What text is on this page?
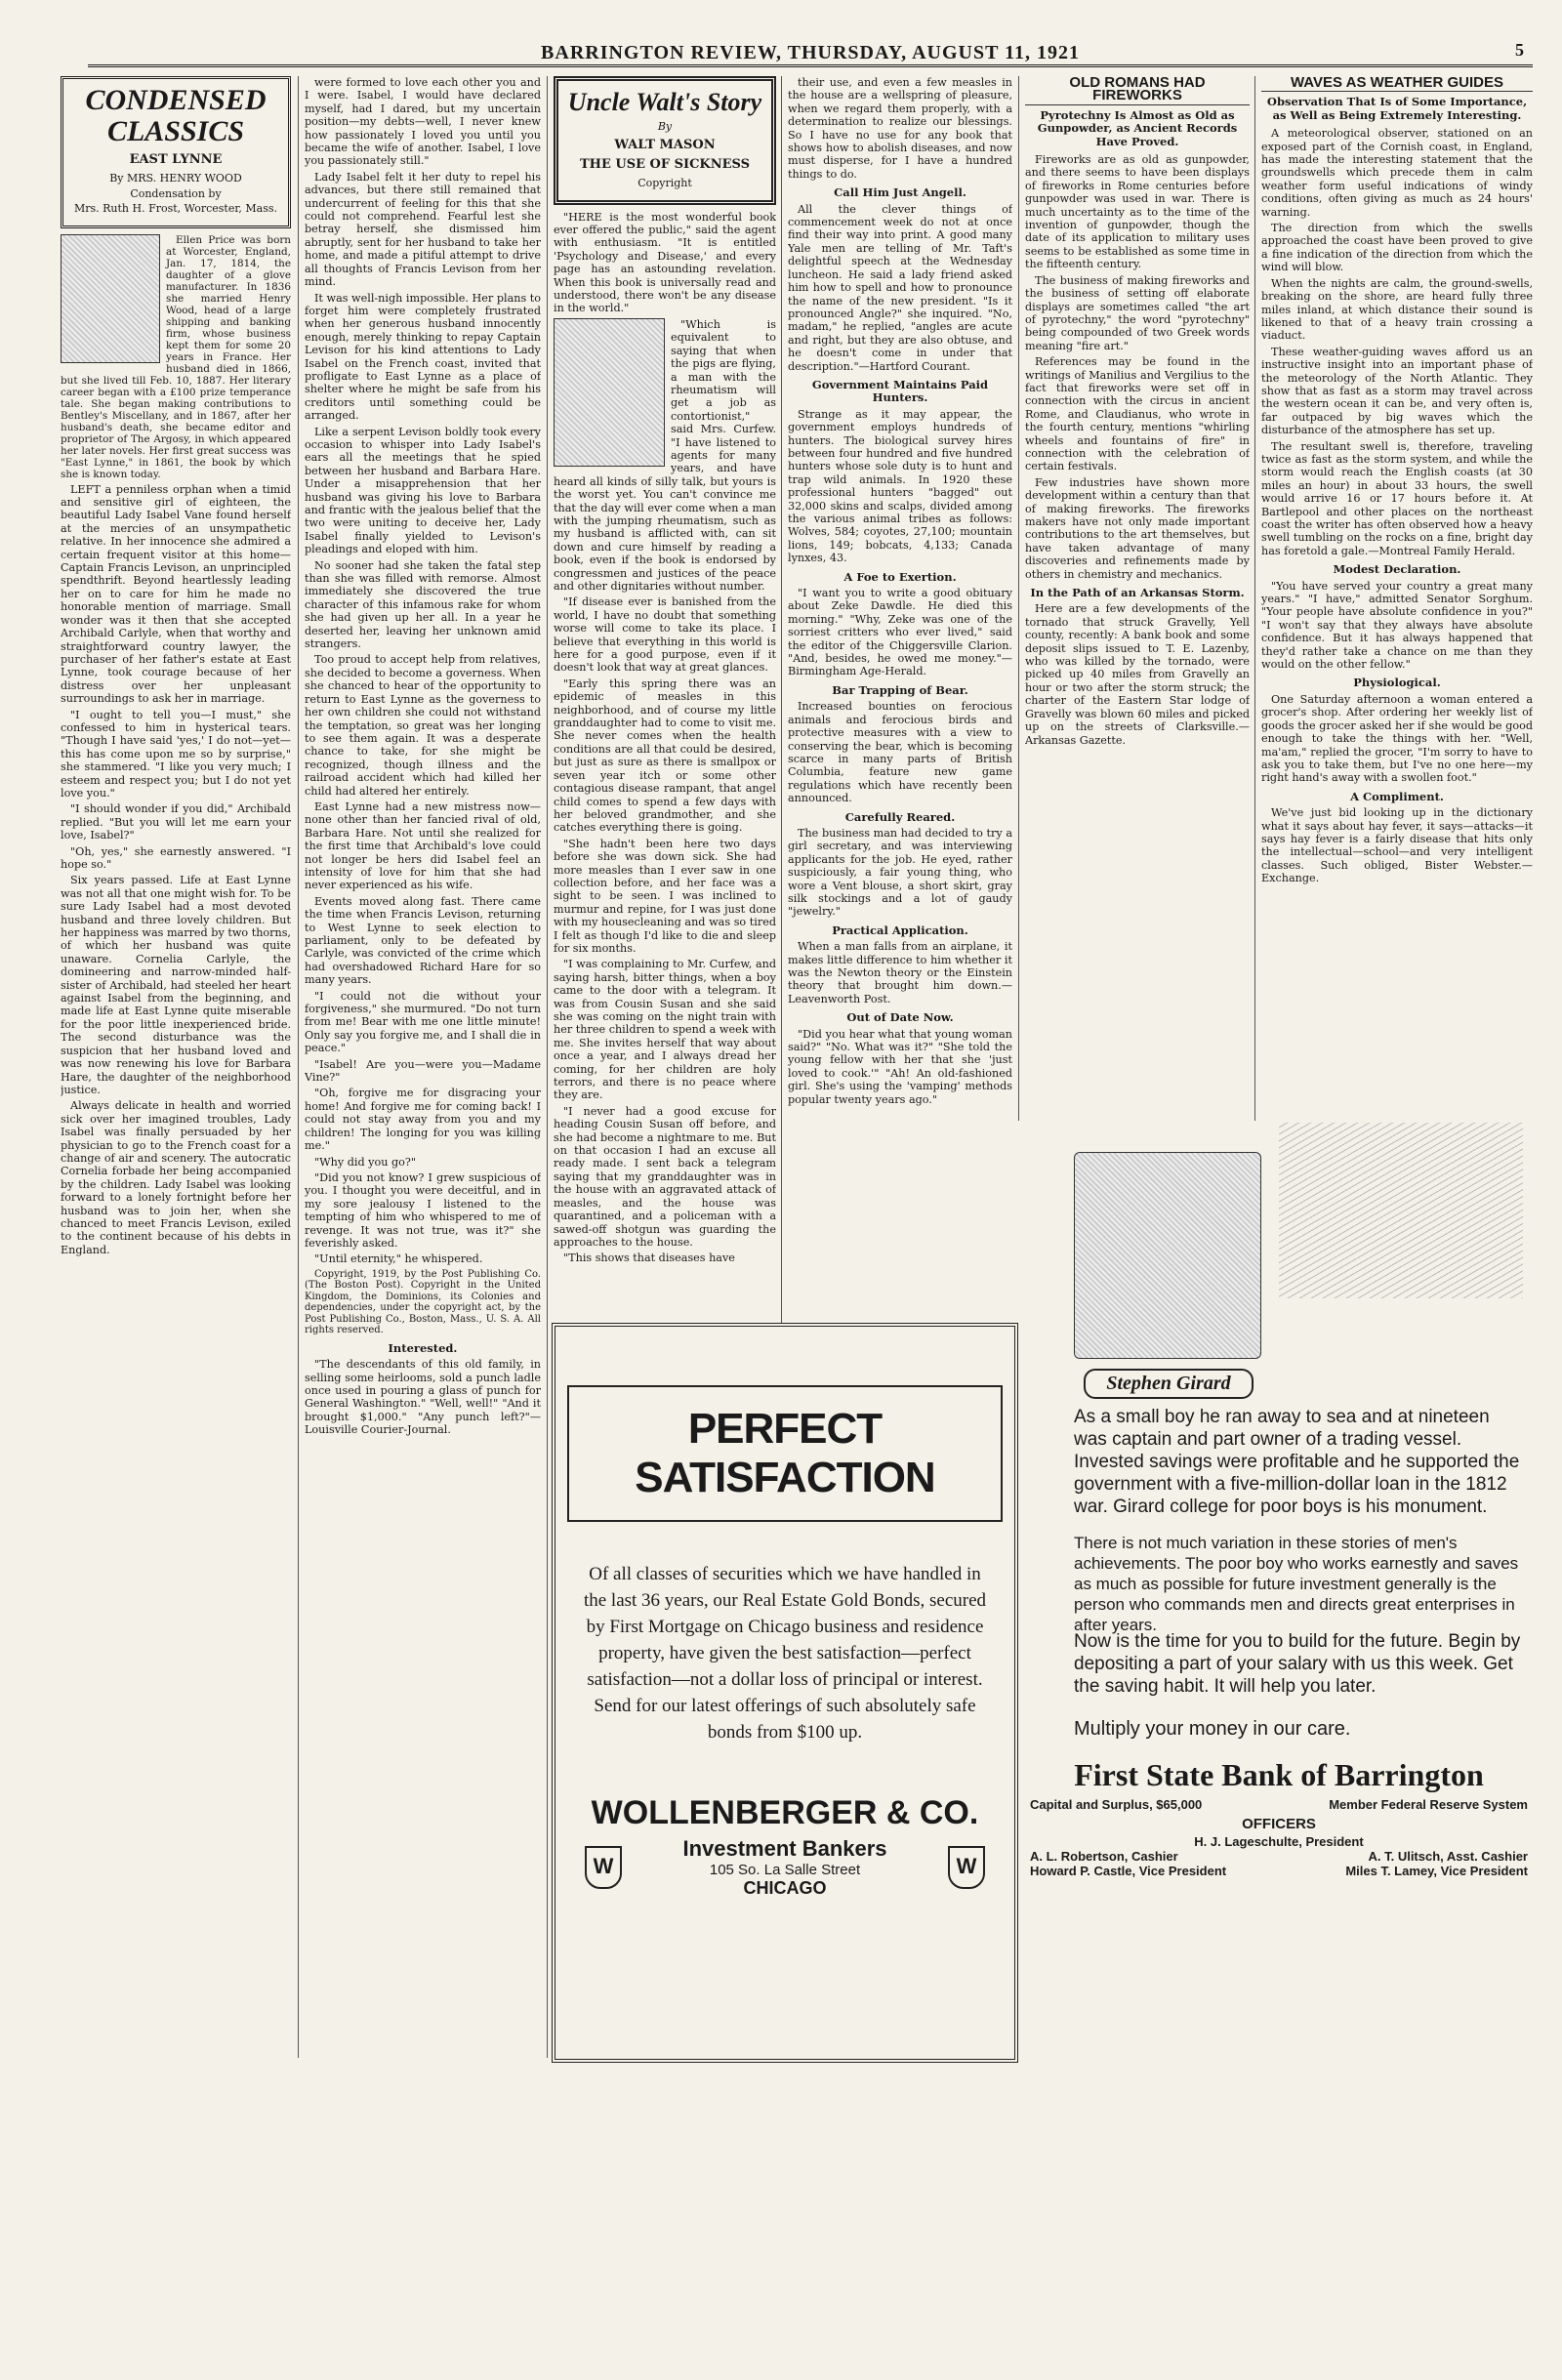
BARRINGTON REVIEW, THURSDAY, AUGUST 11, 1921	5
CONDENSED CLASSICS
EAST LYNNE
By MRS. HENRY WOOD
Condensation by
Mrs. Ruth H. Frost, Worcester, Mass.

Ellen Price was born at Worcester, England, Jan. 17, 1814, the daughter of a glove manufacturer. In 1836 she married Henry Wood, head of a large shipping and banking firm, whose business kept them for some 20 years in France. Her husband died in 1866, but she lived till Feb. 10, 1887. Her literary career began with a £100 prize temperance tale. She began making contributions to Bentley's Miscellany, and in 1867, after her husband's death, she became editor and proprietor of The Argosy, in which appeared her later novels. Her first great success was "East Lynne," in 1861, the book by which she is known today.

LEFT a penniless orphan when a timid and sensitive girl of eighteen, the beautiful Lady Isabel Vane found herself at the mercies of an unsympathetic relative. In her innocence she admired a certain frequent visitor at this home—Captain Francis Levison, an unprincipled spendthrift. Beyond heartlessly leading her on to care for him he made no honorable mention of marriage. Small wonder was it then that she accepted Archibald Carlyle, when that worthy and straightforward country lawyer, the purchaser of her father's estate at East Lynne, took courage because of her distress over her unpleasant surroundings to ask her in marriage.

"I ought to tell you—I must," she confessed to him in hysterical tears. "Though I have said 'yes,' I do not—yet—this has come upon me so by surprise," she stammered. "I like you very much; I esteem and respect you; but I do not yet love you."

"I should wonder if you did," Archibald replied. "But you will let me earn your love, Isabel?"

"Oh, yes," she earnestly answered. "I hope so."

Six years passed. Life at East Lynne was not all that one might wish for. To be sure Lady Isabel had a most devoted husband and three lovely children. But her happiness was marred by two thorns, of which her husband was quite unaware. Cornelia Carlyle, the domineering and narrow-minded half-sister of Archibald, had steeled her heart against Isabel from the beginning, and made life at East Lynne quite miserable for the poor little inexperienced bride. The second disturbance was the suspicion that her husband loved and was now renewing his love for Barbara Hare, the daughter of the neighborhood justice.

Always delicate in health and worried sick over her imagined troubles, Lady Isabel was finally persuaded by her physician to go to the French coast for a change of air and scenery. The autocratic Cornelia forbade her being accompanied by the children. Lady Isabel was looking forward to a lonely fortnight before her husband was to join her, when she chanced to meet Francis Levison, exiled to the continent because of his debts in England.

were formed to love each other you and I were. Isabel, I would have declared myself, had I dared, but my uncertain position—my debts—well, I never knew how passionately I loved you until you became the wife of another. Isabel, I love you passionately still."

Lady Isabel felt it her duty to repel his advances, but there still remained that undercurrent of feeling for this that she could not comprehend. Fearful lest she betray herself, she dismissed him abruptly, sent for her husband to take her home, and made a pitiful attempt to drive all thoughts of Francis Levison from her mind.

It was well-nigh impossible. Her plans to forget him were completely frustrated when her generous husband innocently enough, merely thinking to repay Captain Levison for his kind attentions to Lady Isabel on the French coast, invited that profligate to East Lynne as a place of shelter where he might be safe from his creditors until something could be arranged.

Like a serpent Levison boldly took every occasion to whisper into Lady Isabel's ears all the meetings that he spied between her husband and Barbara Hare. Under a misapprehension that her husband was giving his love to Barbara and frantic with the jealous belief that the two were uniting to deceive her, Lady Isabel finally yielded to Levison's pleadings and eloped with him.

No sooner had she taken the fatal step than she was filled with remorse. Almost immediately she discovered the true character of this infamous rake for whom she had given up her all. In a year he deserted her, leaving her unknown amid strangers.

Too proud to accept help from relatives, she decided to become a governess. When she chanced to hear of the opportunity to return to East Lynne as the governess to her own children she could not withstand the temptation, so great was her longing to see them again. It was a desperate chance to take, for she might be recognized, though illness and the railroad accident which had killed her child had altered her entirely.

East Lynne had a new mistress now—none other than her fancied rival of old, Barbara Hare. Not until she realized for the first time that Archibald's love could not longer be hers did Isabel feel an intensity of love for him that she had never experienced as his wife.

Events moved along fast. There came the time when Francis Levison, returning to West Lynne to seek election to parliament, only to be defeated by Carlyle, was convicted of the crime which had overshadowed Richard Hare for so many years.

"I could not die without your forgiveness," she murmured. "Do not turn from me! Bear with me one little minute! Only say you forgive me, and I shall die in peace."

"Isabel! Are you—were you—Madame Vine?"

"Oh, forgive me for disgracing your home! And forgive me for coming back! I could not stay away from you and my children! The longing for you was killing me."

"Why did you go?"

"Did you not know? I grew suspicious of you. I thought you were deceitful, and in my sore jealousy I listened to the tempting of him who whispered to me of revenge. It was not true, was it?" she feverishly asked.

"Until eternity," he whispered.

Copyright, 1919, by the Post Publishing Co. (The Boston Post). Copyright in the United Kingdom, the Dominions, its Colonies and dependencies, under the copyright act, by the Post Publishing Co., Boston, Mass., U. S. A. All rights reserved.

Interested.

"The descendants of this old family, in selling some heirlooms, sold a punch ladle once used in pouring a glass of punch for General Washington." "Well, well!" "And it brought $1,000." "Any punch left?"—Louisville Courier-Journal.

Uncle Walt's Story
By
WALT MASON
THE USE OF SICKNESS
Copyright

"HERE is the most wonderful book ever offered the public," said the agent with enthusiasm. "It is entitled 'Psychology and Disease,' and every page has an astounding revelation. When this book is universally read and understood, there won't be any disease in the world."

"Which is equivalent to saying that when the pigs are flying, a man with the rheumatism will get a job as contortionist," said Mrs. Curfew. "I have listened to agents for many years, and have heard all kinds of silly talk, but yours is the worst yet. You can't convince me that the day will ever come when a man with the jumping rheumatism, such as my husband is afflicted with, can sit down and cure himself by reading a book, even if the book is endorsed by congressmen and justices of the peace and other dignitaries without number.

"If disease ever is banished from the world, I have no doubt that something worse will come to take its place. I believe that everything in this world is here for a good purpose, even if it doesn't look that way at great glances.

"Early this spring there was an epidemic of measles in this neighborhood, and of course my little granddaughter had to come to visit me. She never comes when the health conditions are all that could be desired, but just as sure as there is smallpox or seven year itch or some other contagious disease rampant, that angel child comes to spend a few days with her beloved grandmother, and she catches everything there is going.

"She hadn't been here two days before she was down sick. She had more measles than I ever saw in one collection before, and her face was a sight to be seen. I was inclined to murmur and repine, for I was just done with my housecleaning and was so tired I felt as though I'd like to die and sleep for six months.

"I was complaining to Mr. Curfew, and saying harsh, bitter things, when a boy came to the door with a telegram. It was from Cousin Susan and she said she was coming on the night train with her three children to spend a week with me. She invites herself that way about once a year, and I always dread her coming, for her children are holy terrors, and there is no peace where they are.

"I never had a good excuse for heading Cousin Susan off before, and she had become a nightmare to me. But on that occasion I had an excuse all ready made. I sent back a telegram saying that my granddaughter was in the house with an aggravated attack of measles, and the house was quarantined, and a policeman with a sawed-off shotgun was guarding the approaches to the house.

"This shows that diseases have

their use, and even a few measles in the house are a wellspring of pleasure, when we regard them properly, with a determination to realize our blessings. So I have no use for any book that shows how to abolish diseases, and now must disperse, for I have a hundred things to do.

Call Him Just Angell.

All the clever things of commencement week do not at once find their way into print. A good many Yale men are telling of Mr. Taft's delightful speech at the Wednesday luncheon. He said a lady friend asked him how to spell and how to pronounce the name of the new president. "Is it pronounced Angle?" she inquired. "No, madam," he replied, "angles are acute and right, but they are also obtuse, and he doesn't come in under that description."—Hartford Courant.

Government Maintains Paid Hunters.

Strange as it may appear, the government employs hundreds of hunters. The biological survey hires between four hundred and five hundred hunters whose sole duty is to hunt and trap wild animals. In 1920 these professional hunters "bagged" out 32,000 skins and scalps, divided among the various animal tribes as follows: Wolves, 584; coyotes, 27,100; mountain lions, 149; bobcats, 4,133; Canada lynxes, 43.

A Foe to Exertion.

"I want you to write a good obituary about Zeke Dawdle. He died this morning." "Why, Zeke was one of the sorriest critters who ever lived," said the editor of the Chiggersville Clarion. "And, besides, he owed me money."—Birmingham Age-Herald.

Bar Trapping of Bear.

Increased bounties on ferocious animals and ferocious birds and protective measures with a view to conserving the bear, which is becoming scarce in many parts of British Columbia, feature new game regulations which have recently been announced.

Carefully Reared.

The business man had decided to try a girl secretary, and was interviewing applicants for the job. He eyed, rather suspiciously, a fair young thing, who wore a Vent blouse, a short skirt, gray silk stockings and a lot of gaudy "jewelry."

Practical Application.

When a man falls from an airplane, it makes little difference to him whether it was the Newton theory or the Einstein theory that brought him down.—Leavenworth Post.

Out of Date Now.

"Did you hear what that young woman said?" "No. What was it?" "She told the young fellow with her that she 'just loved to cook.'" "Ah! An old-fashioned girl. She's using the 'vamping' methods popular twenty years ago."

OLD ROMANS HAD FIREWORKS
Pyrotechny Is Almost as Old as Gunpowder, as Ancient Records Have Proved.

Fireworks are as old as gunpowder, and there seems to have been displays of fireworks in Rome centuries before gunpowder was used in war. There is much uncertainty as to the time of the invention of gunpowder, though the date of its application to military uses seems to be established as some time in the fifteenth century.

The business of making fireworks and the business of setting off elaborate displays are sometimes called "the art of pyrotechny," the word "pyrotechny" being compounded of two Greek words meaning "fire art."

References may be found in the writings of Manilius and Vergilius to the fact that fireworks were set off in connection with the circus in ancient Rome, and Claudianus, who wrote in the fourth century, mentions "whirling wheels and fountains of fire" in connection with the celebration of certain festivals.

Few industries have shown more development within a century than that of making fireworks. The fireworks makers have not only made important contributions to the art themselves, but have taken advantage of many discoveries and refinements made by others in chemistry and mechanics.

In the Path of an Arkansas Storm.

Here are a few developments of the tornado that struck Gravelly, Yell county, recently: A bank book and some deposit slips issued to T. E. Lazenby, who was killed by the tornado, were picked up 40 miles from Gravelly an hour or two after the storm struck; the charter of the Eastern Star lodge of Gravelly was blown 60 miles and picked up on the streets of Clarksville.—Arkansas Gazette.

WAVES AS WEATHER GUIDES
Observation That Is of Some Importance, as Well as Being Extremely Interesting.

A meteorological observer, stationed on an exposed part of the Cornish coast, in England, has made the interesting statement that the groundswells which precede them in calm weather form useful indications of windy conditions, often giving as much as 24 hours' warning.

The direction from which the swells approached the coast have been proved to give a fine indication of the direction from which the wind will blow.

When the nights are calm, the ground-swells, breaking on the shore, are heard fully three miles inland, at which distance their sound is likened to that of a heavy train crossing a viaduct.

These weather-guiding waves afford us an instructive insight into an important phase of the meteorology of the North Atlantic. They show that as fast as a storm may travel across the western ocean it can be, and very often is, far outpaced by big waves which the disturbance of the atmosphere has set up.

The resultant swell is, therefore, traveling twice as fast as the storm system, and while the storm would reach the English coasts (at 30 miles an hour) in about 33 hours, the swell would arrive 16 or 17 hours before it. At Bartlepool and other places on the northeast coast the writer has often observed how a heavy swell tumbling on the rocks on a fine, bright day has foretold a gale.—Montreal Family Herald.

Modest Declaration.

"You have served your country a great many years." "I have," admitted Senator Sorghum. "Your people have absolute confidence in you?" "I won't say that they always have absolute confidence. But it has always happened that they'd rather take a chance on me than they would on the other fellow."

Physiological.

One Saturday afternoon a woman entered a grocer's shop. After ordering her weekly list of goods the grocer asked her if she would be good enough to take the things with her. "Well, ma'am," replied the grocer, "I'm sorry to have to ask you to take them, but I've no one here—my right hand's away with a swollen foot."

A Compliment.

We've just bid looking up in the dictionary what it says about hay fever, it says—attacks—it says hay fever is a fairly disease that hits only the intellectual—school—and very intelligent classes. Such obliged, Bister Webster.—Exchange.

Stephen Girard
As a small boy he ran away to sea and at nineteen was captain and part owner of a trading vessel. Invested savings were profitable and he supported the government with a five-million-dollar loan in the 1812 war. Girard college for poor boys is his monument.
There is not much variation in these stories of men's achievements. The poor boy who works earnestly and saves as much as possible for future investment generally is the person who commands men and directs great enterprises in after years.
Now is the time for you to build for the future. Begin by depositing a part of your salary with us this week. Get the saving habit. It will help you later.
Multiply your money in our care.
First State Bank of Barrington
Capital and Surplus, $65,000	Member Federal Reserve System
OFFICERS
H. J. Lageschulte, President
A. L. Robertson, Cashier	A. T. Ulitsch, Asst. Cashier
Howard P. Castle, Vice President	Miles T. Lamey, Vice President
PERFECT SATISFACTION
Of all classes of securities which we have handled in the last 36 years, our Real Estate Gold Bonds, secured by First Mortgage on Chicago business and residence property, have given the best satisfaction—perfect satisfaction—not a dollar loss of principal or interest. Send for our latest offerings of such absolutely safe bonds from $100 up.
WOLLENBERGER & CO.
W
Investment Bankers
105 So. La Salle Street
CHICAGO
W
